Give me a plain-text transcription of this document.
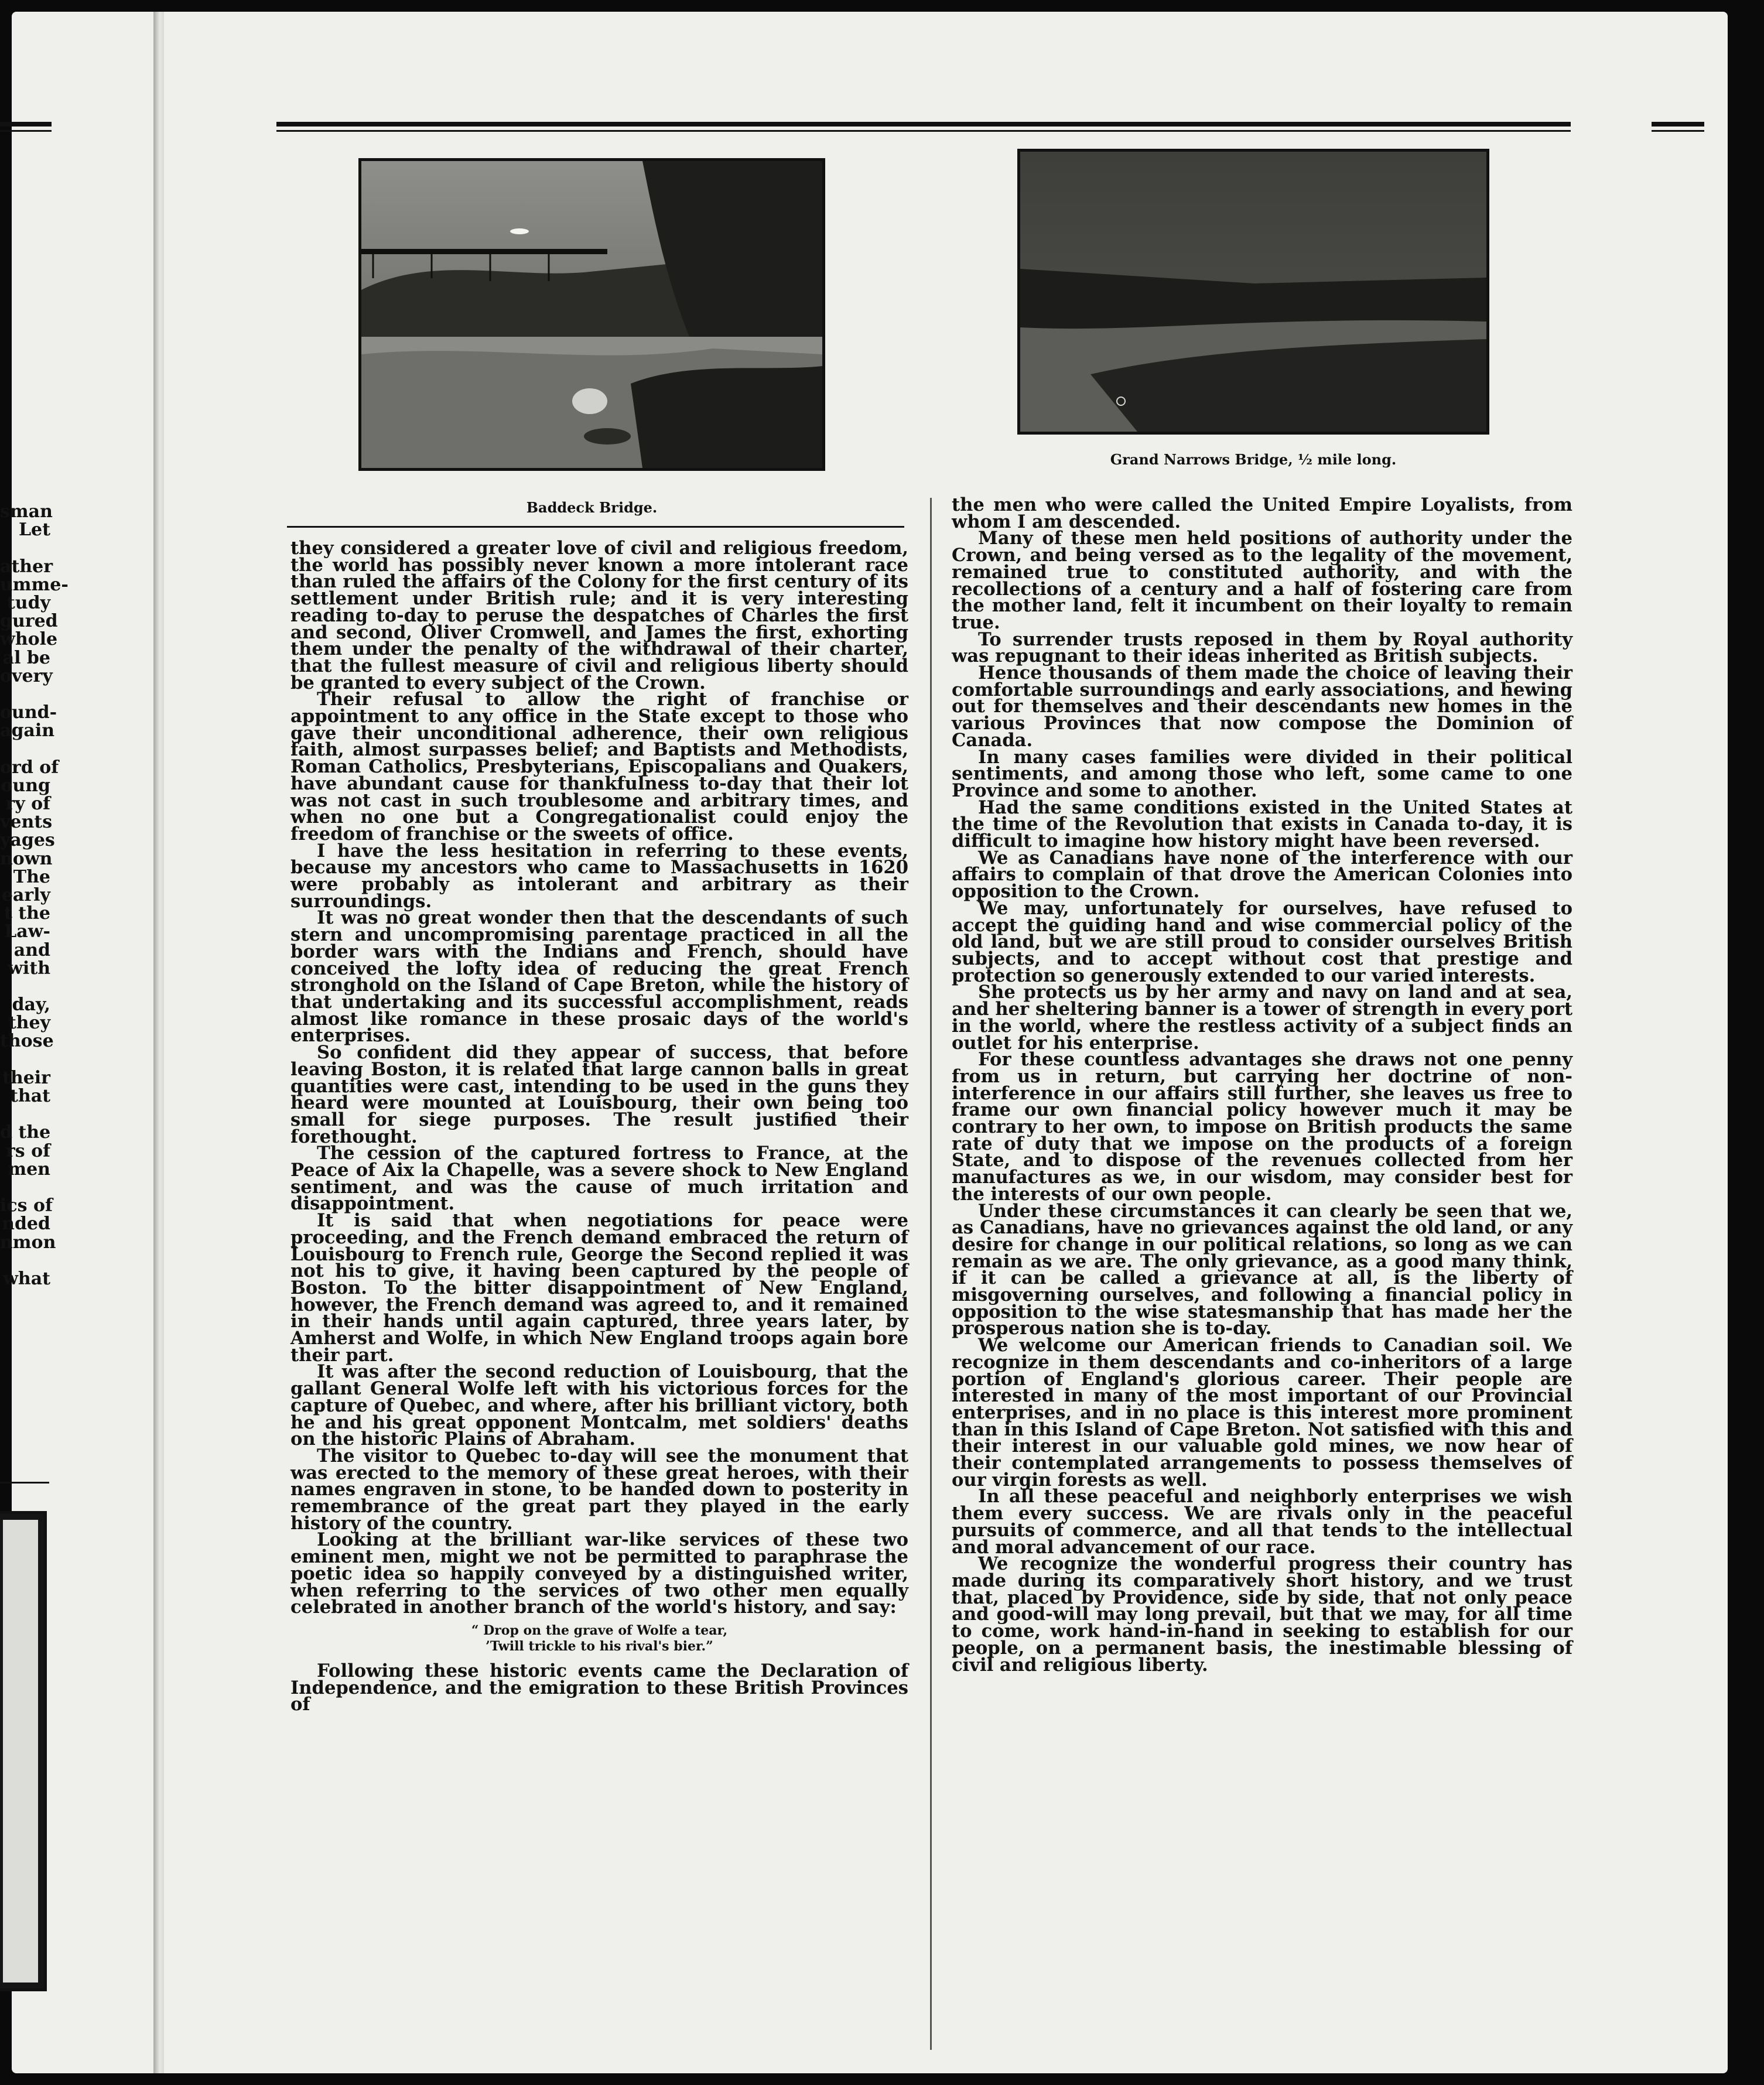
sman
Let
ather
umme-
tudy
gured
whole
al be
overy
ound-
again
ord of
oung
ry of
vents
yages
nown
The
early
t the
Law-
and
with
day,
they
those
their
that
d the
rs of
men
ics of
nded
nmon
what
Baddeck Bridge.
Grand Narrows Bridge, ½ mile long.

they considered a greater love of civil and religious freedom, the world has possibly never known a more intolerant race than ruled the affairs of the Colony for the first century of its settlement under British rule; and it is very interesting reading to-day to peruse the despatches of Charles the first and second, Oliver Cromwell, and James the first, exhorting them under the penalty of the withdrawal of their charter, that the fullest measure of civil and religious liberty should be granted to every subject of the Crown.

Their refusal to allow the right of franchise or appointment to any office in the State except to those who gave their unconditional adherence, their own religious faith, almost surpasses belief; and Baptists and Methodists, Roman Catholics, Presbyterians, Episcopalians and Quakers, have abundant cause for thankfulness to-day that their lot was not cast in such troublesome and arbitrary times, and when no one but a Congregationalist could enjoy the freedom of franchise or the sweets of office.

I have the less hesitation in referring to these events, because my ancestors who came to Massachusetts in 1620 were probably as intolerant and arbitrary as their surroundings.

It was no great wonder then that the descendants of such stern and uncompromising parentage practiced in all the border wars with the Indians and French, should have conceived the lofty idea of reducing the great French stronghold on the Island of Cape Breton, while the history of that undertaking and its successful accomplishment, reads almost like romance in these prosaic days of the world's enterprises.

So confident did they appear of success, that before leaving Boston, it is related that large cannon balls in great quantities were cast, intending to be used in the guns they heard were mounted at Louisbourg, their own being too small for siege purposes. The result justified their forethought.

The cession of the captured fortress to France, at the Peace of Aix la Chapelle, was a severe shock to New England sentiment, and was the cause of much irritation and disappointment.

It is said that when negotiations for peace were proceeding, and the French demand embraced the return of Louisbourg to French rule, George the Second replied it was not his to give, it having been captured by the people of Boston. To the bitter disappointment of New England, however, the French demand was agreed to, and it remained in their hands until again captured, three years later, by Amherst and Wolfe, in which New England troops again bore their part.

It was after the second reduction of Louisbourg, that the gallant General Wolfe left with his victorious forces for the capture of Quebec, and where, after his brilliant victory, both he and his great opponent Montcalm, met soldiers' deaths on the historic Plains of Abraham.

The visitor to Quebec to-day will see the monument that was erected to the memory of these great heroes, with their names engraven in stone, to be handed down to posterity in remembrance of the great part they played in the early history of the country.

Looking at the brilliant war-like services of these two eminent men, might we not be permitted to paraphrase the poetic idea so happily conveyed by a distinguished writer, when referring to the services of two other men equally celebrated in another branch of the world's history, and say:

“ Drop on the grave of Wolfe a tear,
’Twill trickle to his rival's bier.”

Following these historic events came the Declaration of Independence, and the emigration to these British Provinces of

the men who were called the United Empire Loyalists, from whom I am descended.

Many of these men held positions of authority under the Crown, and being versed as to the legality of the movement, remained true to constituted authority, and with the recollections of a century and a half of fostering care from the mother land, felt it incumbent on their loyalty to remain true.

To surrender trusts reposed in them by Royal authority was repugnant to their ideas inherited as British subjects.

Hence thousands of them made the choice of leaving their comfortable surroundings and early associations, and hewing out for themselves and their descendants new homes in the various Provinces that now compose the Dominion of Canada.

In many cases families were divided in their political sentiments, and among those who left, some came to one Province and some to another.

Had the same conditions existed in the United States at the time of the Revolution that exists in Canada to-day, it is difficult to imagine how history might have been reversed.

We as Canadians have none of the interference with our affairs to complain of that drove the American Colonies into opposition to the Crown.

We may, unfortunately for ourselves, have refused to accept the guiding hand and wise commercial policy of the old land, but we are still proud to consider ourselves British subjects, and to accept without cost that prestige and protection so generously extended to our varied interests.

She protects us by her army and navy on land and at sea, and her sheltering banner is a tower of strength in every port in the world, where the restless activity of a subject finds an outlet for his enterprise.

For these countless advantages she draws not one penny from us in return, but carrying her doctrine of non-interference in our affairs still further, she leaves us free to frame our own financial policy however much it may be contrary to her own, to impose on British products the same rate of duty that we impose on the products of a foreign State, and to dispose of the revenues collected from her manufactures as we, in our wisdom, may consider best for the interests of our own people.

Under these circumstances it can clearly be seen that we, as Canadians, have no grievances against the old land, or any desire for change in our political relations, so long as we can remain as we are. The only grievance, as a good many think, if it can be called a grievance at all, is the liberty of misgoverning ourselves, and following a financial policy in opposition to the wise statesmanship that has made her the prosperous nation she is to-day.

We welcome our American friends to Canadian soil. We recognize in them descendants and co-inheritors of a large portion of England's glorious career. Their people are interested in many of the most important of our Provincial enterprises, and in no place is this interest more prominent than in this Island of Cape Breton. Not satisfied with this and their interest in our valuable gold mines, we now hear of their contemplated arrangements to possess themselves of our virgin forests as well.

In all these peaceful and neighborly enterprises we wish them every success. We are rivals only in the peaceful pursuits of commerce, and all that tends to the intellectual and moral advancement of our race.

We recognize the wonderful progress their country has made during its comparatively short history, and we trust that, placed by Providence, side by side, that not only peace and good-will may long prevail, but that we may, for all time to come, work hand-in-hand in seeking to establish for our people, on a permanent basis, the inestimable blessing of civil and religious liberty.
